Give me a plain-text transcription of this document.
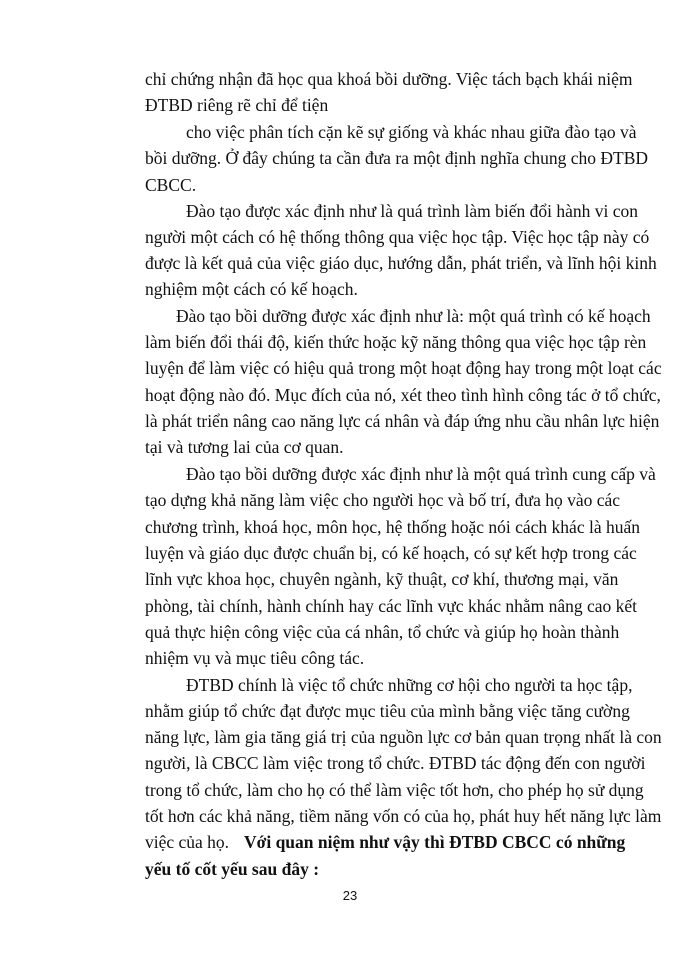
chỉ chứng nhận đã học qua khoá bồi dưỡng. Việc tách bạch khái niệm
ĐTBD riêng rẽ chỉ để tiện
cho việc phân tích cặn kẽ sự giống và khác nhau giữa đào tạo và
bồi dưỡng. Ở đây chúng ta cần đưa ra một định nghĩa chung cho ĐTBD
CBCC.
Đào tạo được xác định như là quá trình làm biến đổi hành vi con
người một cách có hệ thống thông qua việc học tập. Việc học tập này có
được là kết quả của việc giáo dục, hướng dẫn, phát triển, và lĩnh hội kinh
nghiệm một cách có kế hoạch.
Đào tạo bồi dưỡng được xác định như là: một quá trình có kế hoạch
làm biến đổi thái độ, kiến thức hoặc kỹ năng thông qua việc học tập rèn
luyện để làm việc có hiệu quả trong một hoạt động hay trong một loạt các
hoạt động nào đó. Mục đích của nó, xét theo tình hình công tác ở tổ chức,
là phát triển nâng cao năng lực cá nhân và đáp ứng nhu cầu nhân lực hiện
tại và tương lai của cơ quan.
Đào tạo bồi dưỡng được xác định như là một quá trình cung cấp và
tạo dựng khả năng làm việc cho người học và bố trí, đưa họ vào các
chương trình, khoá học, môn học, hệ thống hoặc nói cách khác là huấn
luyện và giáo dục được chuẩn bị, có kế hoạch, có sự kết hợp trong các
lĩnh vực khoa học, chuyên ngành, kỹ thuật, cơ khí, thương mại, văn
phòng, tài chính, hành chính hay các lĩnh vực khác nhằm nâng cao kết
quả thực hiện công việc của cá nhân, tổ chức và giúp họ hoàn thành
nhiệm vụ và mục tiêu công tác.
ĐTBD chính là việc tổ chức những cơ hội cho người ta học tập,
nhằm giúp tổ chức đạt được mục tiêu của mình bằng việc tăng cường
năng lực, làm gia tăng giá trị của nguồn lực cơ bản quan trọng nhất là con
người, là CBCC làm việc trong tổ chức. ĐTBD tác động đến con người
trong tổ chức, làm cho họ có thể làm việc tốt hơn, cho phép họ sử dụng
tốt hơn các khả năng, tiềm năng vốn có của họ, phát huy hết năng lực làm
việc của họ. Với quan niệm như vậy thì ĐTBD CBCC có những
yếu tố cốt yếu sau đây :
23
